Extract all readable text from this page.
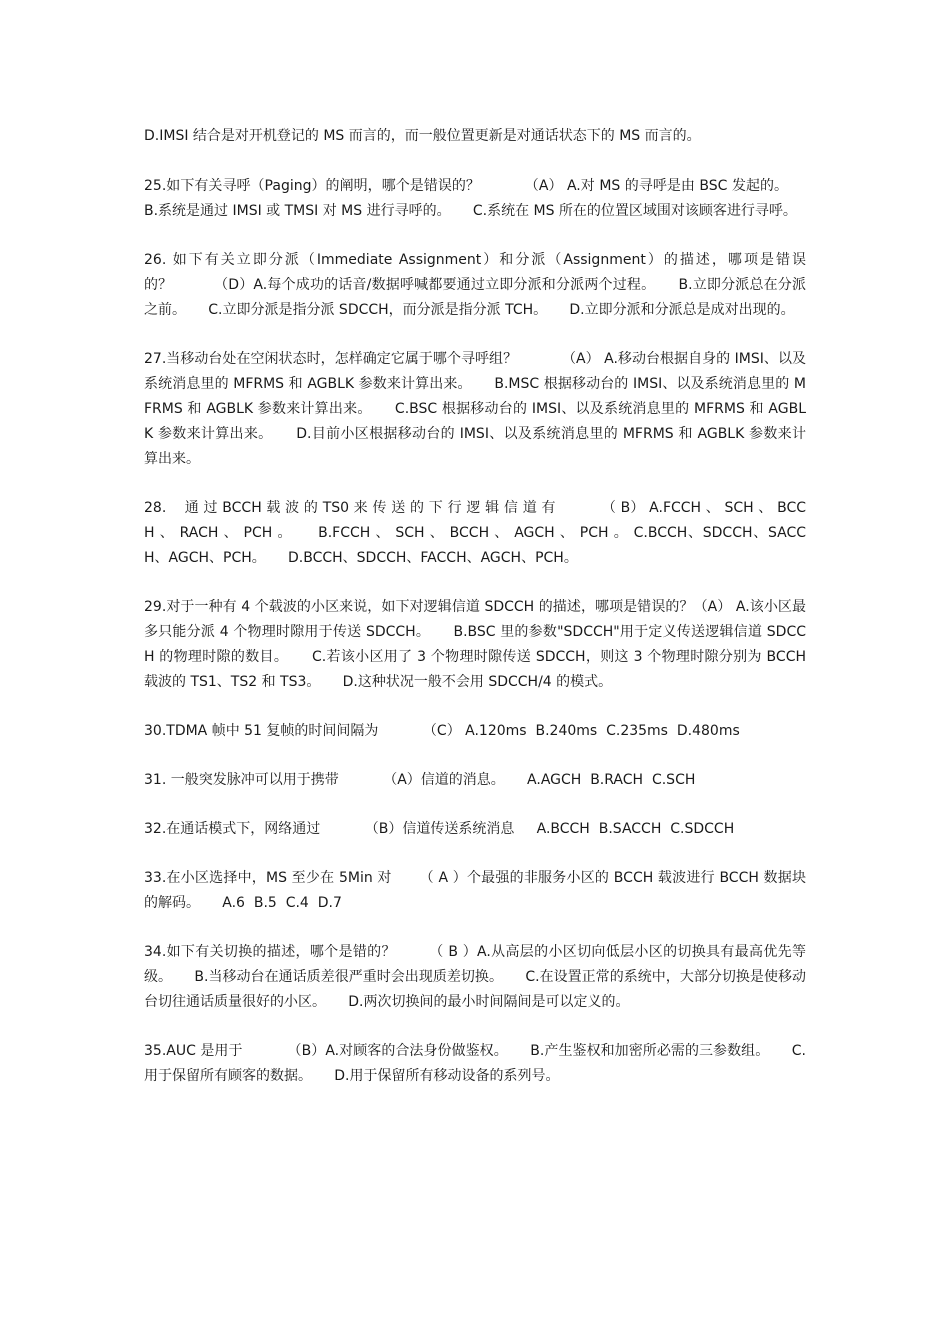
D.IMSI 结合是对开机登记的 MS 而言的，而一般位置更新是对通话状态下的 MS 而言的。

25.如下有关寻呼（Paging）的阐明，哪个是错误的？          （A） A.对 MS 的寻呼是由 BSC 发起的。     B.系统是通过 IMSI 或 TMSI 对 MS 进行寻呼的。     C.系统在 MS 所在的位置区域围对该顾客进行寻呼。

26. 如下有关立即分派（Immediate Assignment）和分派（Assignment）的描述，哪项是错误的？         （D）A.每个成功的话音/数据呼喊都要通过立即分派和分派两个过程。     B.立即分派总在分派之前。     C.立即分派是指分派 SDCCH，而分派是指分派 TCH。     D.立即分派和分派总是成对出现的。

27.当移动台处在空闲状态时，怎样确定它属于哪个寻呼组？          （A） A.移动台根据自身的 IMSI、以及系统消息里的 MFRMS 和 AGBLK 参数来计算出来。     B.MSC 根据移动台的 IMSI、以及系统消息里的 MFRMS 和 AGBLK 参数来计算出来。     C.BSC 根据移动台的 IMSI、以及系统消息里的 MFRMS 和 AGBLK 参数来计算出来。     D.目前小区根据移动台的 IMSI、以及系统消息里的 MFRMS 和 AGBLK 参数来计算出来。

28.    通 过 BCCH 载 波 的 TS0 来 传 送 的 下 行 逻 辑 信 道 有          （ B） A.FCCH 、 SCH 、 BCCH 、 RACH 、 PCH 。     B.FCCH 、 SCH 、 BCCH 、 AGCH 、 PCH 。 C.BCCH、SDCCH、SACCH、AGCH、PCH。     D.BCCH、SDCCH、FACCH、AGCH、PCH。

29.对于一种有 4 个载波的小区来说，如下对逻辑信道 SDCCH 的描述，哪项是错误的？（A） A.该小区最多只能分派 4 个物理时隙用于传送 SDCCH。     B.BSC 里的参数"SDCCH"用于定义传送逻辑信道 SDCCH 的物理时隙的数目。     C.若该小区用了 3 个物理时隙传送 SDCCH，则这 3 个物理时隙分别为 BCCH 载波的 TS1、TS2 和 TS3。     D.这种状况一般不会用 SDCCH/4 的模式。

30.TDMA 帧中 51 复帧的时间间隔为          （C） A.120ms  B.240ms  C.235ms  D.480ms

31. 一般突发脉冲可以用于携带          （A）信道的消息。     A.AGCH  B.RACH  C.SCH

32.在通话模式下，网络通过          （B）信道传送系统消息     A.BCCH  B.SACCH  C.SDCCH

33.在小区选择中，MS 至少在 5Min 对      （ A ）个最强的非服务小区的 BCCH 载波进行 BCCH 数据块的解码。     A.6  B.5  C.4  D.7

34.如下有关切换的描述，哪个是错的？       （ B ）A.从高层的小区切向低层小区的切换具有最高优先等级。     B.当移动台在通话质差很严重时会出现质差切换。     C.在设置正常的系统中，大部分切换是使移动台切往通话质量很好的小区。     D.两次切换间的最小时间隔间是可以定义的。

35.AUC 是用于          （B）A.对顾客的合法身份做鉴权。     B.产生鉴权和加密所必需的三参数组。     C.用于保留所有顾客的数据。     D.用于保留所有移动设备的系列号。
